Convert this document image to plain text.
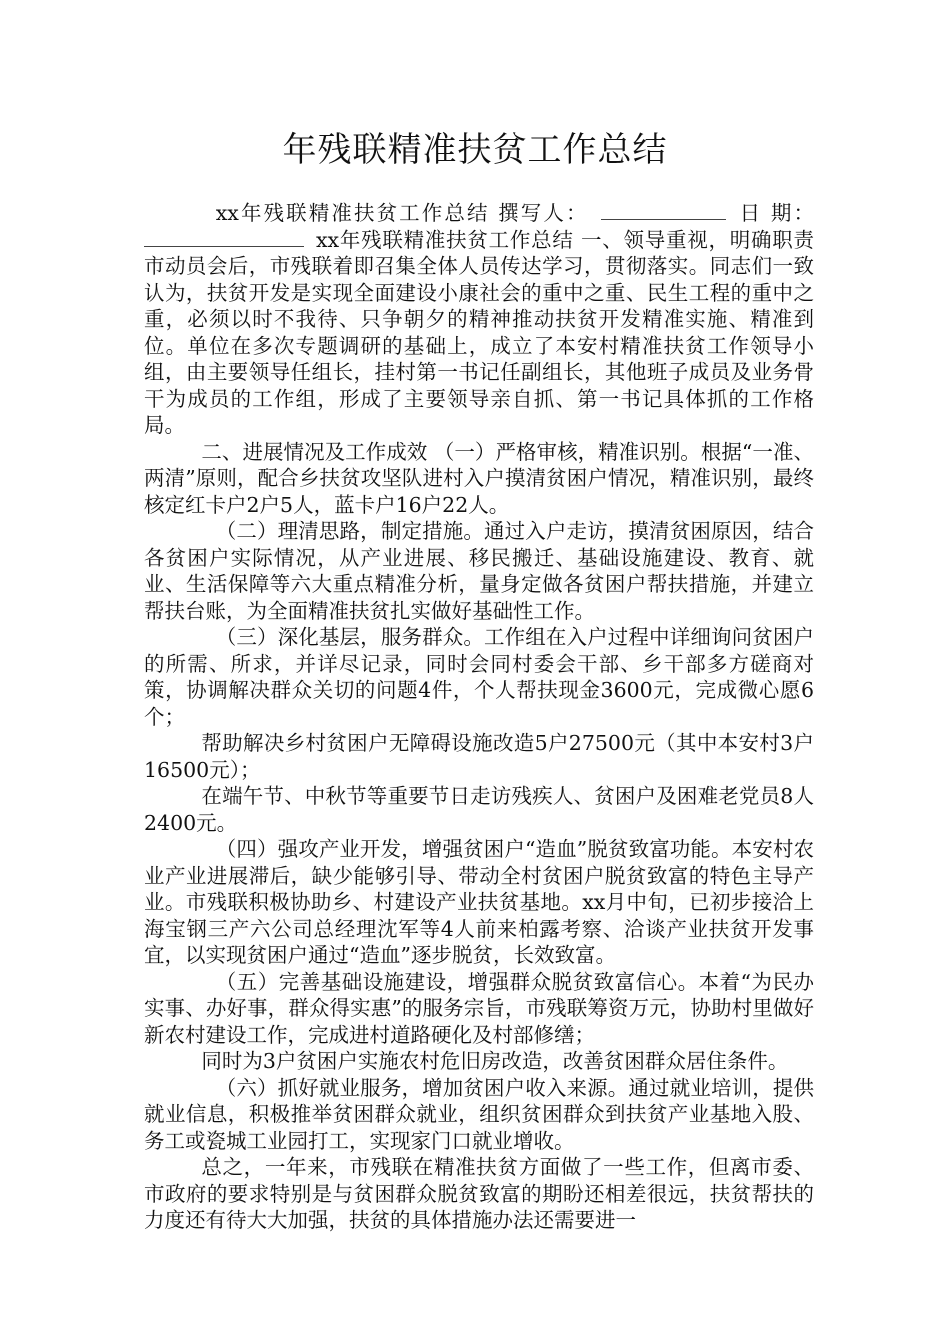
年残联精准扶贫工作总结

xx年残联精准扶贫工作总结 撰写人：	日 期：xx年残联精准扶贫工作总结 一、领导重视，明确职责 市动员会后，市残联着即召集全体人员传达学习，贯彻落实。同志们一致认为，扶贫开发是实现全面建设小康社会的重中之重、民生工程的重中之重，必须以时不我待、只争朝夕的精神推动扶贫开发精准实施、精准到位。单位在多次专题调研的基础上，成立了本安村精准扶贫工作领导小组，由主要领导任组长，挂村第一书记任副组长，其他班子成员及业务骨干为成员的工作组，形成了主要领导亲自抓、第一书记具体抓的工作格局。

二、进展情况及工作成效 （一）严格审核，精准识别。根据“一准、两清”原则，配合乡扶贫攻坚队进村入户摸清贫困户情况，精准识别，最终核定红卡户2户5人，蓝卡户16户22人。

（二）理清思路，制定措施。通过入户走访，摸清贫困原因，结合各贫困户实际情况，从产业进展、移民搬迁、基础设施建设、教育、就业、生活保障等六大重点精准分析，量身定做各贫困户帮扶措施，并建立帮扶台账，为全面精准扶贫扎实做好基础性工作。

（三）深化基层，服务群众。工作组在入户过程中详细询问贫困户的所需、所求，并详尽记录，同时会同村委会干部、乡干部多方磋商对策，协调解决群众关切的问题4件，个人帮扶现金3600元，完成微心愿6个；

帮助解决乡村贫困户无障碍设施改造5户27500元（其中本安村3户16500元）；

在端午节、中秋节等重要节日走访残疾人、贫困户及困难老党员8人2400元。

（四）强攻产业开发，增强贫困户“造血”脱贫致富功能。本安村农业产业进展滞后，缺少能够引导、带动全村贫困户脱贫致富的特色主导产业。市残联积极协助乡、村建设产业扶贫基地。xx月中旬，已初步接洽上海宝钢三产六公司总经理沈军等4人前来柏露考察、洽谈产业扶贫开发事宜，以实现贫困户通过“造血”逐步脱贫，长效致富。

（五）完善基础设施建设，增强群众脱贫致富信心。本着“为民办实事、办好事，群众得实惠”的服务宗旨，市残联筹资万元，协助村里做好新农村建设工作，完成进村道路硬化及村部修缮；

同时为3户贫困户实施农村危旧房改造，改善贫困群众居住条件。

（六）抓好就业服务，增加贫困户收入来源。通过就业培训，提供就业信息，积极推举贫困群众就业，组织贫困群众到扶贫产业基地入股、务工或瓷城工业园打工，实现家门口就业增收。

总之，一年来，市残联在精准扶贫方面做了一些工作，但离市委、市政府的要求特别是与贫困群众脱贫致富的期盼还相差很远，扶贫帮扶的力度还有待大大加强，扶贫的具体措施办法还需要进一
